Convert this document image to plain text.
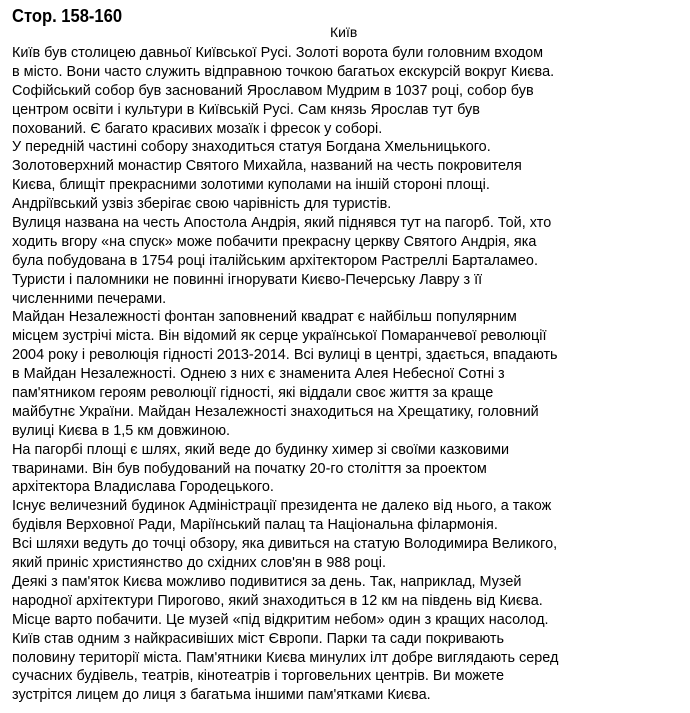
Стор. 158-160
Київ
Київ був столицею давньої Київської Русі. Золоті ворота були головним входом
в місто. Вони часто служить відправною точкою багатьох екскурсій вокруг Києва.
Софійський собор був заснований Ярославом Мудрим в 1037 році, собор був
центром освіти і культури в Київській Русі. Сам князь Ярослав тут був
похований. Є багато красивих мозаїк і фресок у соборі.
У передній частині собору знаходиться статуя Богдана Хмельницького.
Золотоверхний монастир Святого Михайла, названий на честь покровителя
Києва, блищіт прекрасними золотими куполами на іншій стороні площі.
Андріївський узвіз зберігає свою чарівність для туристів.
Вулиця названа на честь Апостола Андрія, який піднявся тут на пагорб. Той, хто
ходить вгору «на спуск» може побачити прекрасну церкву Святого Андрія, яка
була побудована в 1754 році італійським архітектором Растреллі Барталамео.
Туристи і паломники не повинні ігнорувати Києво-Печерську Лавру з її
численними печерами.
Майдан Незалежності фонтан заповнений квадрат є найбільш популярним
місцем зустрічі міста. Він відомий як серце української Помаранчевої революції
2004 року і революція гідності 2013-2014. Всі вулиці в центрі, здається, впадають
в Майдан Незалежності. Однею з них є знаменита Алея Небесної Сотні з
пам'ятником героям революції гідності, які віддали своє життя за краще
майбутнє України. Майдан Незалежності знаходиться на Хрещатику, головний
вулиці Києва в 1,5 км довжиною.
На пагорбі площі є шлях, який веде до будинку химер зі своїми казковими
тваринами. Він був побудований на початку 20-го століття за проектом
архітектора Владислава Городецького.
Існує величезний будинок Адміністрації президента не далеко від нього, а також
будівля Верховної Ради, Маріїнський палац та Національна філармонія.
Всі шляхи ведуть до точці обзору, яка дивиться на статую Володимира Великого,
який приніс християнство до східних слов'ян в 988 році.
Деякі з пам'яток Києва можливо подивитися за день. Так, наприклад, Музей
народної архітектури Пирогово, який знаходиться в 12 км на південь від Києва.
Місце варто побачити. Це музей «під відкритим небом» один з кращих насолод.
Київ став одним з найкрасивіших міст Європи. Парки та сади покривають
половину території міста. Пам'ятники Києва минулих ілт добре виглядають серед
сучасних будівель, театрів, кінотеатрів і торговельних центрів. Ви можете
зустрітся лицем до лиця з багатьма іншими пам'ятками Києва.
